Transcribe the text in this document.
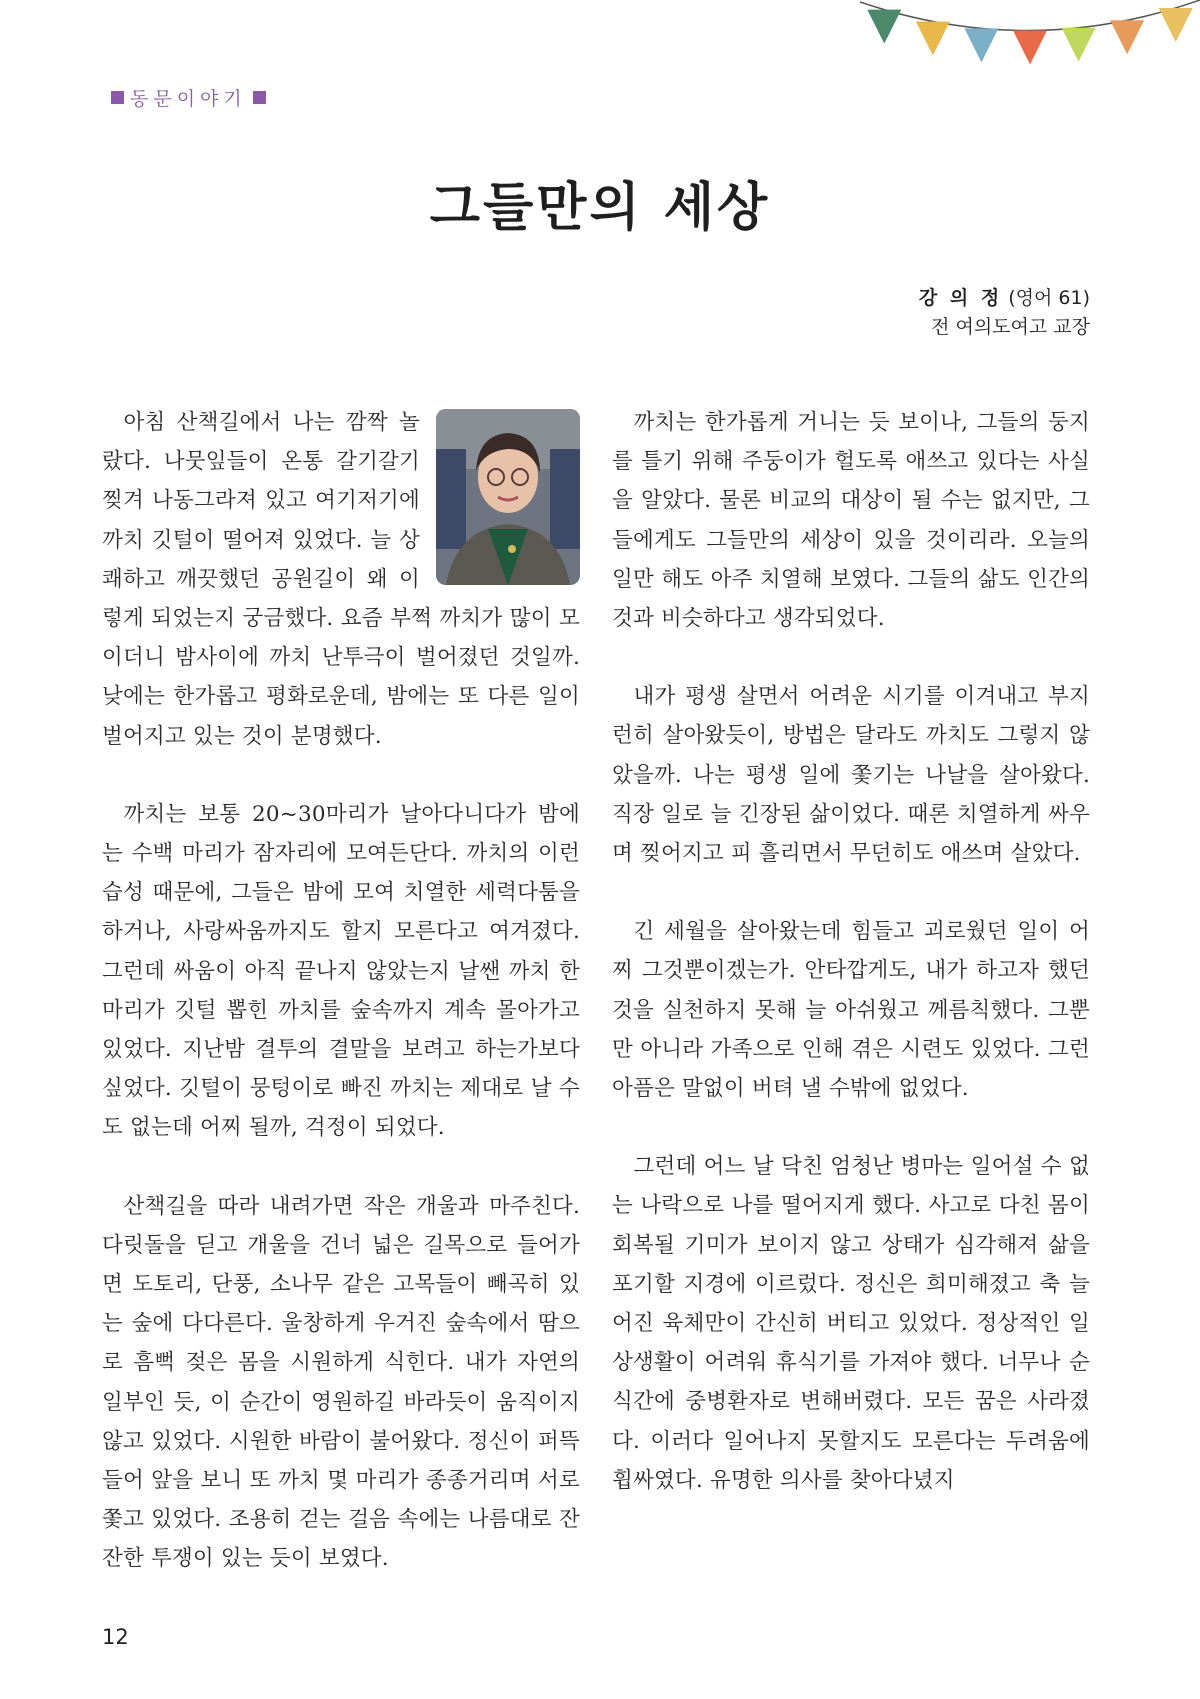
동문이야기
그들만의 세상
강 의 정 (영어 61)
전 여의도여고 교장

아침 산책길에서 나는 깜짝 놀랐다. 나뭇잎들이 온통 갈기갈기 찢겨 나동그라져 있고 여기저기에 까치 깃털이 떨어져 있었다. 늘 상쾌하고 깨끗했던 공원길이 왜 이렇게 되었는지 궁금했다. 요즘 부쩍 까치가 많이 모이더니 밤사이에 까치 난투극이 벌어졌던 것일까. 낮에는 한가롭고 평화로운데, 밤에는 또 다른 일이 벌어지고 있는 것이 분명했다.

까치는 보통 20~30마리가 날아다니다가 밤에는 수백 마리가 잠자리에 모여든단다. 까치의 이런 습성 때문에, 그들은 밤에 모여 치열한 세력다툼을 하거나, 사랑싸움까지도 할지 모른다고 여겨졌다. 그런데 싸움이 아직 끝나지 않았는지 날쌘 까치 한 마리가 깃털 뽑힌 까치를 숲속까지 계속 몰아가고 있었다. 지난밤 결투의 결말을 보려고 하는가보다 싶었다. 깃털이 뭉텅이로 빠진 까치는 제대로 날 수도 없는데 어찌 될까, 걱정이 되었다.

산책길을 따라 내려가면 작은 개울과 마주친다. 다릿돌을 딛고 개울을 건너 넓은 길목으로 들어가면 도토리, 단풍, 소나무 같은 고목들이 빼곡히 있는 숲에 다다른다. 울창하게 우거진 숲속에서 땀으로 흠뻑 젖은 몸을 시원하게 식힌다. 내가 자연의 일부인 듯, 이 순간이 영원하길 바라듯이 움직이지 않고 있었다. 시원한 바람이 불어왔다. 정신이 퍼뜩 들어 앞을 보니 또 까치 몇 마리가 종종거리며 서로 쫓고 있었다. 조용히 걷는 걸음 속에는 나름대로 잔잔한 투쟁이 있는 듯이 보였다.

까치는 한가롭게 거니는 듯 보이나, 그들의 둥지를 틀기 위해 주둥이가 헐도록 애쓰고 있다는 사실을 알았다. 물론 비교의 대상이 될 수는 없지만, 그들에게도 그들만의 세상이 있을 것이리라. 오늘의 일만 해도 아주 치열해 보였다. 그들의 삶도 인간의 것과 비슷하다고 생각되었다.

내가 평생 살면서 어려운 시기를 이겨내고 부지런히 살아왔듯이, 방법은 달라도 까치도 그렇지 않았을까. 나는 평생 일에 쫓기는 나날을 살아왔다. 직장 일로 늘 긴장된 삶이었다. 때론 치열하게 싸우며 찢어지고 피 흘리면서 무던히도 애쓰며 살았다.

긴 세월을 살아왔는데 힘들고 괴로웠던 일이 어찌 그것뿐이겠는가. 안타깝게도, 내가 하고자 했던 것을 실천하지 못해 늘 아쉬웠고 께름칙했다. 그뿐만 아니라 가족으로 인해 겪은 시련도 있었다. 그런 아픔은 말없이 버텨 낼 수밖에 없었다.

그런데 어느 날 닥친 엄청난 병마는 일어설 수 없는 나락으로 나를 떨어지게 했다. 사고로 다친 몸이 회복될 기미가 보이지 않고 상태가 심각해져 삶을 포기할 지경에 이르렀다. 정신은 희미해졌고 축 늘어진 육체만이 간신히 버티고 있었다. 정상적인 일상생활이 어려워 휴식기를 가져야 했다. 너무나 순식간에 중병환자로 변해버렸다. 모든 꿈은 사라졌다. 이러다 일어나지 못할지도 모른다는 두려움에 휩싸였다. 유명한 의사를 찾아다녔지

12
